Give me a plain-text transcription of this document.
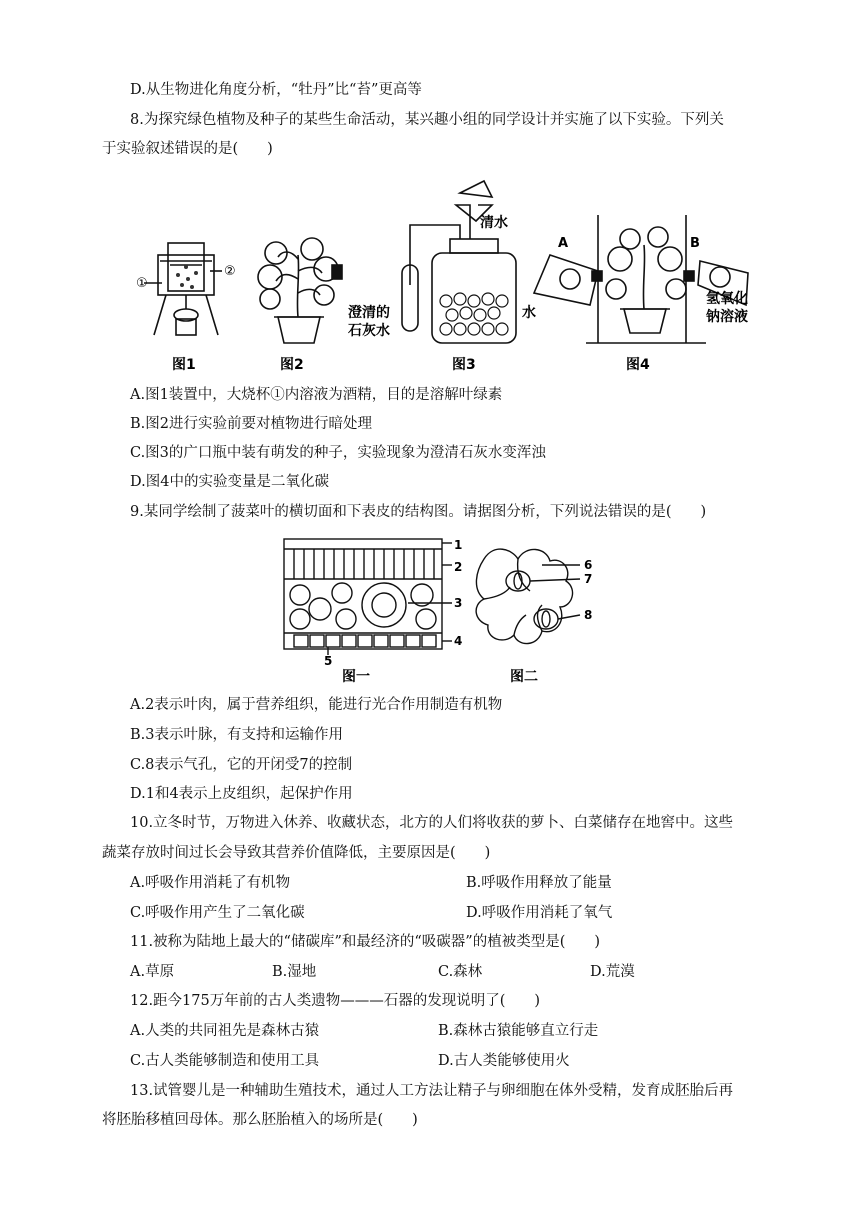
D.从生物进化角度分析，“牡丹”比“苔”更高等
8.为探究绿色植物及种子的某些生命活动，某兴趣小组的同学设计并实施了以下实验。下列关
于实验叙述错误的是(　　)
①
②
清水
澄清的
石灰水
A	B
水
氢氧化
钠溶液
图1	图2	图3	图4
A.图1装置中，大烧杯①内溶液为酒精，目的是溶解叶绿素
B.图2进行实验前要对植物进行暗处理
C.图3的广口瓶中装有萌发的种子，实验现象为澄清石灰水变浑浊
D.图4中的实验变量是二氧化碳
9.某同学绘制了菠菜叶的横切面和下表皮的结构图。请据图分析，下列说法错误的是(　　)
1
2
3
4
5
6
7
8
图一	图二
A.2表示叶肉，属于营养组织，能进行光合作用制造有机物
B.3表示叶脉，有支持和运输作用
C.8表示气孔，它的开闭受7的控制
D.1和4表示上皮组织，起保护作用
10.立冬时节，万物进入休养、收藏状态，北方的人们将收获的萝卜、白菜储存在地窖中。这些
蔬菜存放时间过长会导致其营养价值降低，主要原因是(　　)
A.呼吸作用消耗了有机物	B.呼吸作用释放了能量
C.呼吸作用产生了二氧化碳	D.呼吸作用消耗了氧气
11.被称为陆地上最大的“储碳库”和最经济的“吸碳器”的植被类型是(　　)
A.草原	B.湿地	C.森林	D.荒漠
12.距今175万年前的古人类遗物———石器的发现说明了(　　)
A.人类的共同祖先是森林古猿	B.森林古猿能够直立行走
C.古人类能够制造和使用工具	D.古人类能够使用火
13.试管婴儿是一种辅助生殖技术，通过人工方法让精子与卵细胞在体外受精，发育成胚胎后再
将胚胎移植回母体。那么胚胎植入的场所是(　　)
